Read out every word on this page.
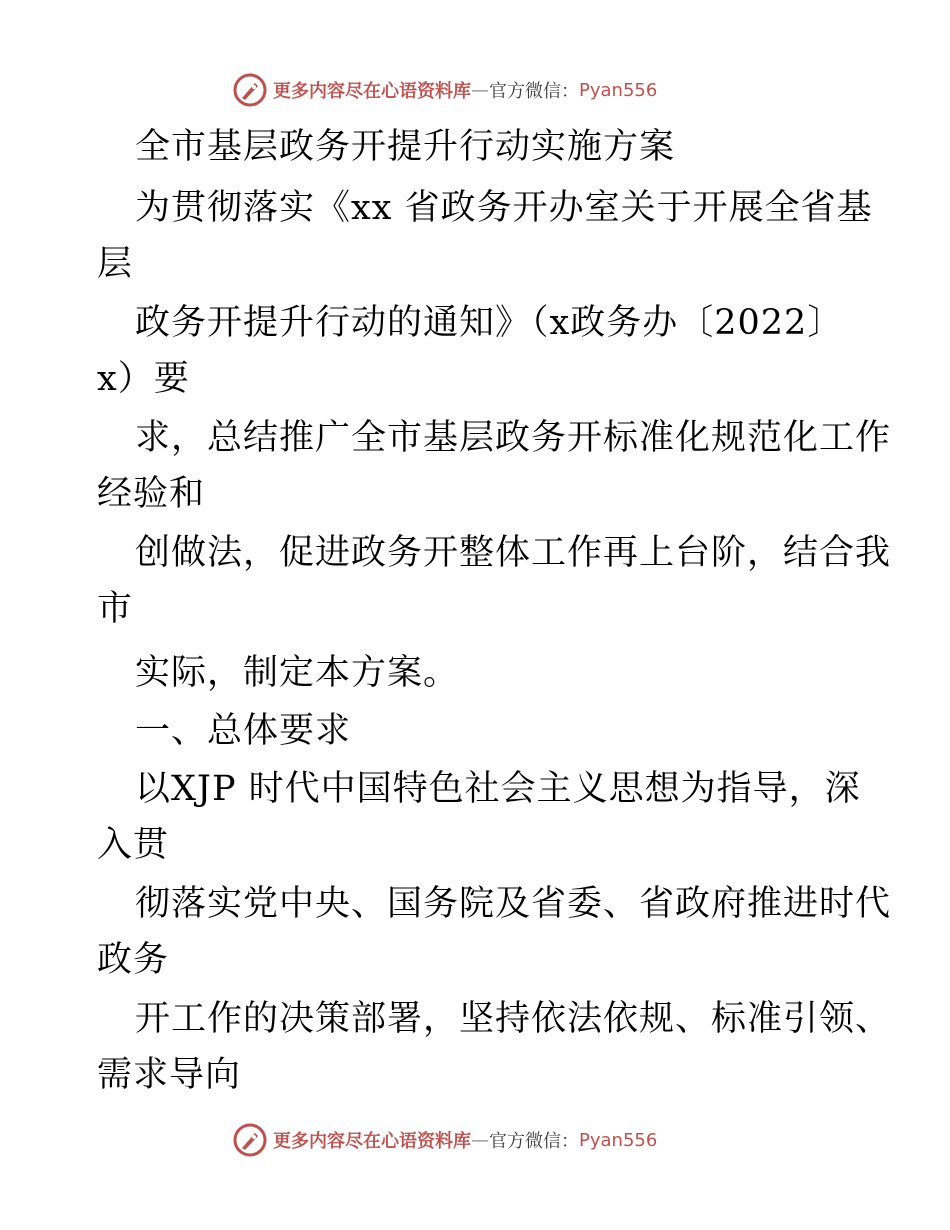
更多内容尽在心语资料库 — 官方微信： Pyan556
全市基层政务开提升行动实施方案
为贯彻落实《xx 省政务开办室关于开展全省基
层
政务开提升行动的通知》（x政务办〔2022〕
x）要
求，总结推广全市基层政务开标准化规范化工作
经验和
创做法，促进政务开整体工作再上台阶，结合我
市
实际，制定本方案。
一、总体要求
以XJP 时代中国特色社会主义思想为指导，深
入贯
彻落实党中央、国务院及省委、省政府推进时代
政务
开工作的决策部署，坚持依法依规、标准引领、
需求导向
更多内容尽在心语资料库 — 官方微信： Pyan556
